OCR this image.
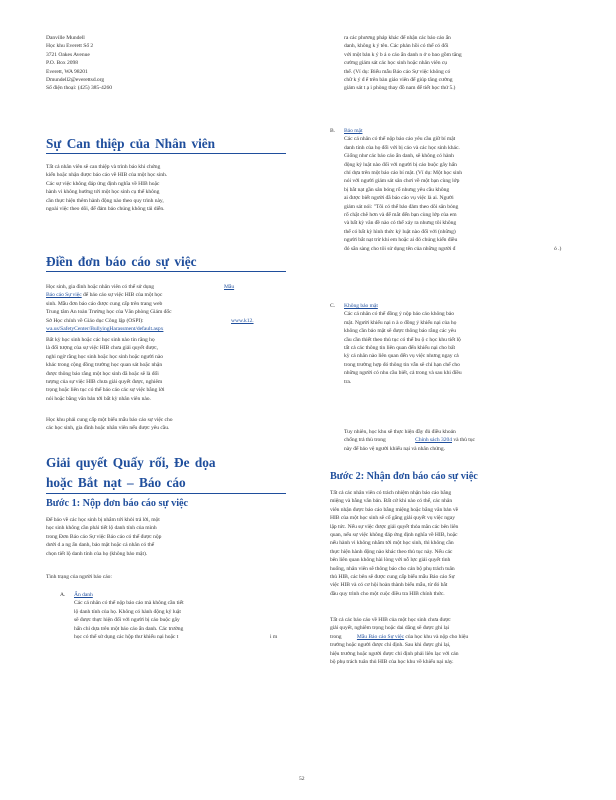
Danville Mundell
Học khu Everett Số 2
3721 Oakes Avenue
P.O. Box 2098
Everett, WA 98201
Dmundell2@everettsd.org
Số điện thoại: (425) 385-4260
Sự Can thiệp của Nhân viên
Tất cả nhân viên sẽ can thiệp và trình báo khi chứng
kiến hoặc nhận được báo cáo về HIB của một học sinh.
Các sự việc không đáp ứng định nghĩa về HIB hoặc
hành vi không hướng tới một học sinh cụ thể không
cần thực hiện thêm hành động nào theo quy trình này,
ngoài việc theo dõi, để đảm bảo chúng không tái diễn.
Điền đơn báo cáo sự việc
Học sinh, gia đình hoặc nhân viên có thể sử dụng	Mẫu
Báo cáo Sự việc để báo cáo sự việc HIB của một học
sinh. Mẫu đơn báo cáo được cung cấp trên trang web
Trung tâm An toàn Trường học của Văn phòng Giám đốc
Sở Học chính về Giáo dục Công lập (OSPI):	www.k12.
wa.us/SafetyCenter/BullyingHarassment/default.aspx
Bất kỳ học sinh hoặc các học sinh nào tin rằng họ
là đối tượng của sự việc HIB chưa giải quyết được,
nghi ngờ rằng học sinh hoặc học sinh hoặc người nào
khác trong cộng đồng trường học quan sát hoặc nhận
được thông báo rằng một học sinh đã hoặc sẽ là đối
tượng của sự việc HIB chưa giải quyết được, nghiêm
trọng hoặc liên tục có thể báo cáo các sự việc bằng lời
nói hoặc bằng văn bản tới bất kỳ nhân viên nào.
Học khu phải cung cấp một biểu mẫu báo cáo sự việc cho
các học sinh, gia đình hoặc nhân viên nếu được yêu cầu.
Giải quyết Quấy rối, Đe dọa
hoặc Bắt nạt – Báo cáo
Bước 1: Nộp đơn báo cáo sự việc
Để báo về các học sinh bị nhắm tới khỏi trả lời, một
học sinh không cần phải tiết lộ danh tính của mình
trong Đơn Báo cáo Sự việc Báo cáo có thể được nộp
dưới d a ng ẩn danh, bảo mật hoặc cá nhân có thể
chọn tiết lộ danh tính của họ (không bảo mật).
Tình trạng của người báo cáo:
A. Ẩn danh
Các cá nhân có thể nộp báo cáo mà không cần tiết
lộ danh tính của họ. Không có hành động kỷ luật
sẽ được thực hiện đối với người bị cáo buộc gây
hấn chỉ dựa trên một báo cáo ẩn danh. Các trường
học có thể sử dụng các hộp thư khiếu nại hoặc t	i m
ra các phương pháp khác để nhận các báo cáo ẩn
danh, không k ý tên. Các phản hồi có thể có đối
với một bản k ý b á o cáo ẩn danh n ở o bao gồm tăng
cường giám sát các học sinh hoặc nhân viên cụ
thể. (Ví dụ: Biểu mẫu Báo cáo Sự việc không có
chữ k ý đ ể trên bàn giáo viên để giúp tăng cường
giám sát t ạ i phòng thay đồ nam để tiết học thứ 5.)
B. Bảo mật
Các cá nhân có thể nộp báo cáo yêu cầu giữ bí mật
danh tính của họ đối với bị cáo và các học sinh khác.
Giống như các báo cáo ẩn danh, sẽ không có hành
động kỷ luật nào đối với người bị cáo buộc gây hấn
chỉ dựa trên một báo cáo bí mật. (Ví dụ: Một học sinh
nói với người giám sát sân chơi về một bạn cùng lớp
bị bắt nạt gần sân bóng rổ nhưng yêu cầu không
ai được biết người đã báo cáo vụ việc là ai. Người
giám sát nói: "Tôi có thể bảo đảm theo dõi sân bóng
rổ chặt chẽ hơn và để mắt đến bạn cùng lớp của em
và bất kỳ văn đề nào có thể xảy ra nhưng tôi không
thể có bất kỳ hình thức kỷ luật nào đối với (những)
người bắt nạt trừ khi em hoặc ai đó chúng kiến điều
đó sẵn sàng cho tôi sử dụng tên của những người đ	ó .)
C. Không bảo mật
Các cá nhân có thể đồng ý nộp báo cáo không bảo
mật. Người khiếu nại n à o đồng ý khiếu nại của họ
không cần bảo mật sẽ được thông báo rằng các yêu
cầu cần thiết theo thủ tục có thể bu ộ c học khu tiết lộ
tất cả các thông tin liên quan đến khiếu nại cho bất
kỳ cá nhân nào liên quan đến vụ việc nhưng ngay cả
trong trường hợp đó thông tin vẫn sẽ chỉ hạn chế cho
những người có nhu cầu biết, cả trong và sau khi điều
tra.
Tuy nhiên, học khu sẽ thực hiện đầy đủ điều khoản
chống trả thù trong	Chính sách 3204 và thủ tục
này để bảo vệ người khiếu nại và nhân chứng.
Bước 2: Nhận đơn báo cáo sự việc
Tất cả các nhân viên có trách nhiệm nhận báo cáo bằng
miệng và bằng văn bản. Bất cứ khi nào có thể, các nhân
viên nhận được báo cáo bằng miệng hoặc bằng văn bản về
HIB của một học sinh sẽ cố gắng giải quyết vụ việc ngay
lập tức. Nếu sự việc được giải quyết thỏa mãn các bên liên
quan, nếu sự việc không đáp ứng định nghĩa về HIB, hoặc
nếu hành vi không nhắm tới một học sinh, thì không cần
thực hiện hành động nào khác theo thủ tục này. Nếu các
bên liên quan không hài lòng với nỗ lực giải quyết tình
huống, nhân viên sẽ thông báo cho cán bộ phụ trách tuân
thủ HIB, các bên sẽ được cung cấp biểu mẫu Báo cáo Sự
việc HIB và có cơ hội hoàn thành biểu mẫu, từ đó bắt
đầu quy trình cho một cuộc điều tra HIB chính thức.
Tất cả các báo cáo về HIB của một học sinh chưa được
giải quyết, nghiêm trọng hoặc dai dẳng sẽ được ghi lại
trong	Mẫu Báo cáo Sự việc của học khu và nộp cho hiệu
trưởng hoặc người được chỉ định. Sau khi được ghi lại,
hiệu trưởng hoặc người được chỉ định phải liên lạc với cán
bộ phụ trách tuân thủ HIB của học khu về khiếu nại này.
52
